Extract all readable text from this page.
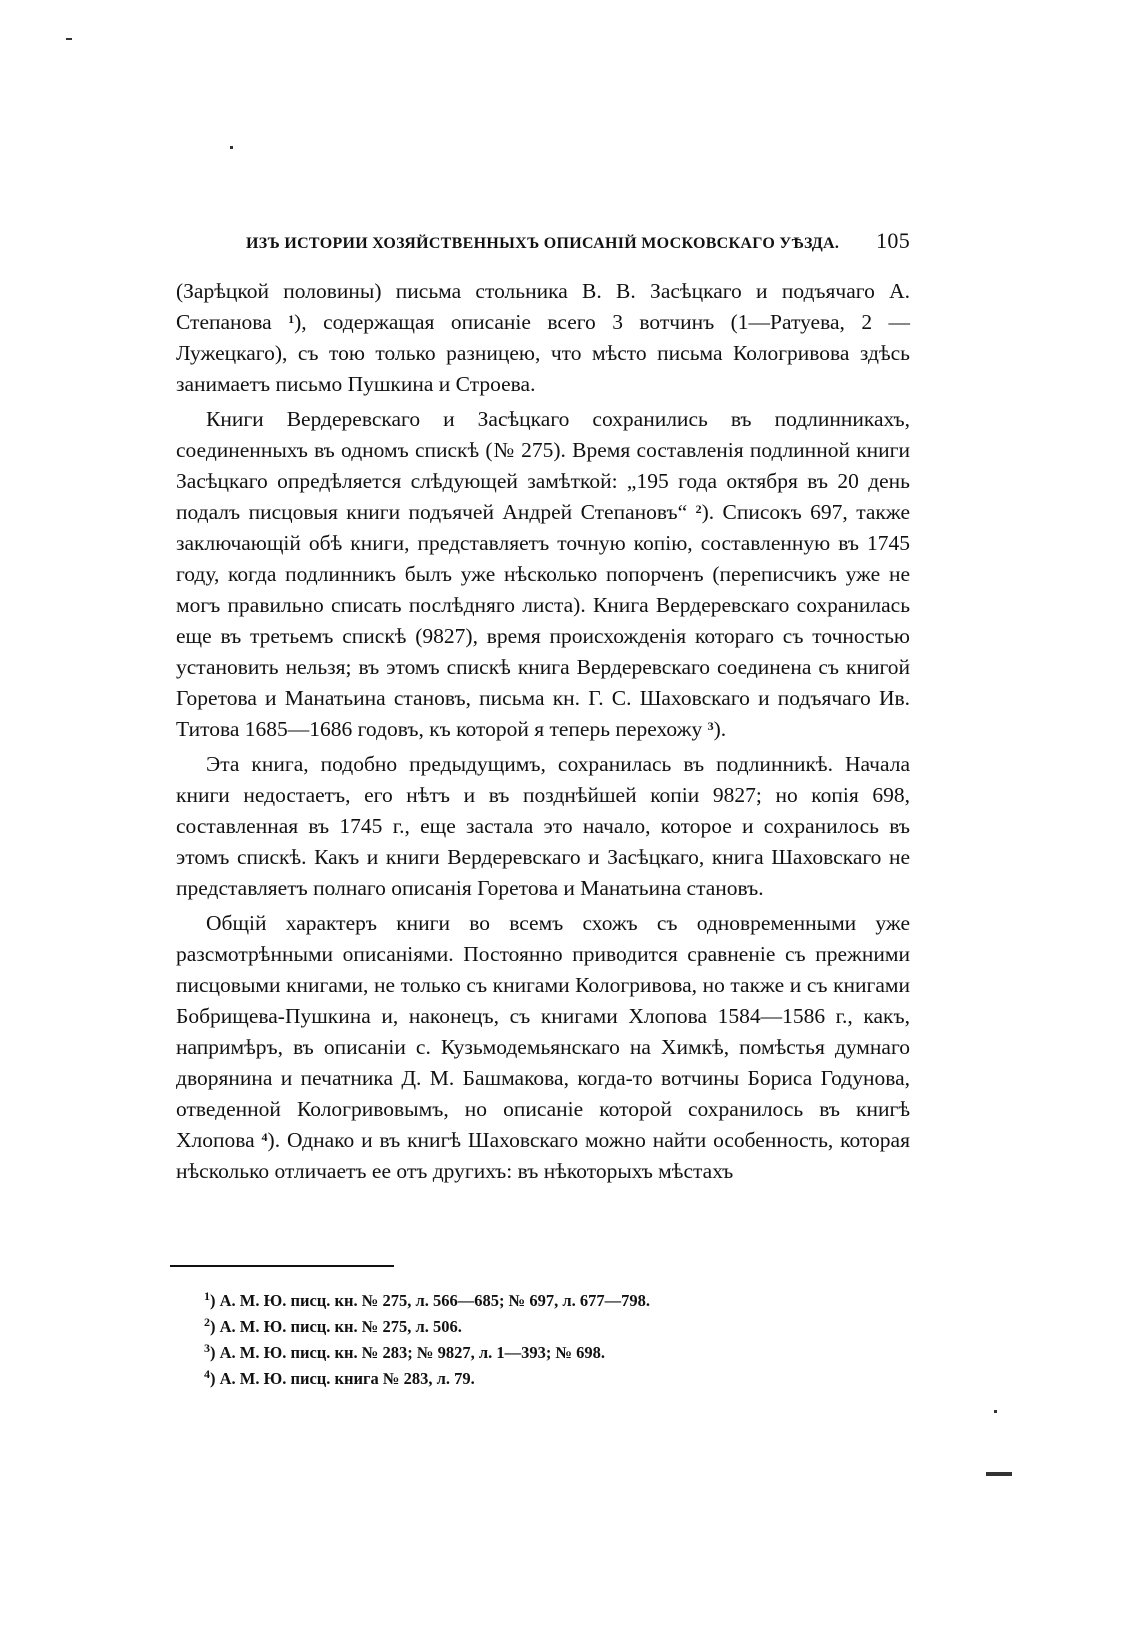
ИЗЪ ИСТОРИИ ХОЗЯЙСТВЕННЫХЪ ОПИСАНІЙ МОСКОВСКАГО УѢЗДА. 105

(Зарѣцкой половины) письма стольника В. В. Засѣцкаго и подъячаго А. Степанова $^1$), содержащая описаніе всего 3 вотчинъ (1—Ратуева, 2 — Лужецкаго), съ тою только разницею, что мѣсто письма Кологривова здѣсь занимаетъ письмо Пушкина и Строева.

Книги Вердеревскаго и Засѣцкаго сохранились въ подлинникахъ, соединенныхъ въ одномъ спискѣ (№ 275). Время составленія подлинной книги Засѣцкаго опредѣляется слѣдующей замѣткой: „195 года октября въ 20 день подалъ писцовыя книги подъячей Андрей Степановъ“ $^2$). Списокъ 697, также заключающій обѣ книги, представляетъ точную копію, составленную въ 1745 году, когда подлинникъ былъ уже нѣсколько попорченъ (переписчикъ уже не могъ правильно списать послѣдняго листа). Книга Вердеревскаго сохранилась еще въ третьемъ спискѣ (9827), время происхожденія котораго съ точностью установить нельзя; въ этомъ спискѣ книга Вердеревскаго соединена съ книгой Горетова и Манатьина становъ, письма кн. Г. С. Шаховскаго и подъячаго Ив. Титова 1685—1686 годовъ, къ которой я теперь перехожу $^3$).

Эта книга, подобно предыдущимъ, сохранилась въ подлинникѣ. Начала книги недостаетъ, его нѣтъ и въ позднѣйшей копіи 9827; но копія 698, составленная въ 1745 г., еще застала это начало, которое и сохранилось въ этомъ спискѣ. Какъ и книги Вердеревскаго и Засѣцкаго, книга Шаховскаго не представляетъ полнаго описанія Горетова и Манатьина становъ.

Общій характеръ книги во всемъ схожъ съ одновременными уже разсмотрѣнными описаніями. Постоянно приводится сравненіе съ прежними писцовыми книгами, не только съ книгами Кологривова, но также и съ книгами Бобрищева-Пушкина и, наконецъ, съ книгами Хлопова 1584—1586 г., какъ, напримѣръ, въ описаніи с. Кузьмодемьянскаго на Химкѣ, помѣстья думнаго дворянина и печатника Д. М. Башмакова, когда-то вотчины Бориса Годунова, отведенной Кологривовымъ, но описаніе которой сохранилось въ книгѣ Хлопова $^4$). Однако и въ книгѣ Шаховскаго можно найти особенность, которая нѣсколько отличаетъ ее отъ другихъ: въ нѣкоторыхъ мѣстахъ

$^1$) А. М. Ю. писц. кн. № 275, л. 566—685; № 697, л. 677—798.
$^2$) А. М. Ю. писц. кн. № 275, л. 506.
$^3$) А. М. Ю. писц. кн. № 283; № 9827, л. 1—393; № 698.
$^4$) А. М. Ю. писц. книга № 283, л. 79.
